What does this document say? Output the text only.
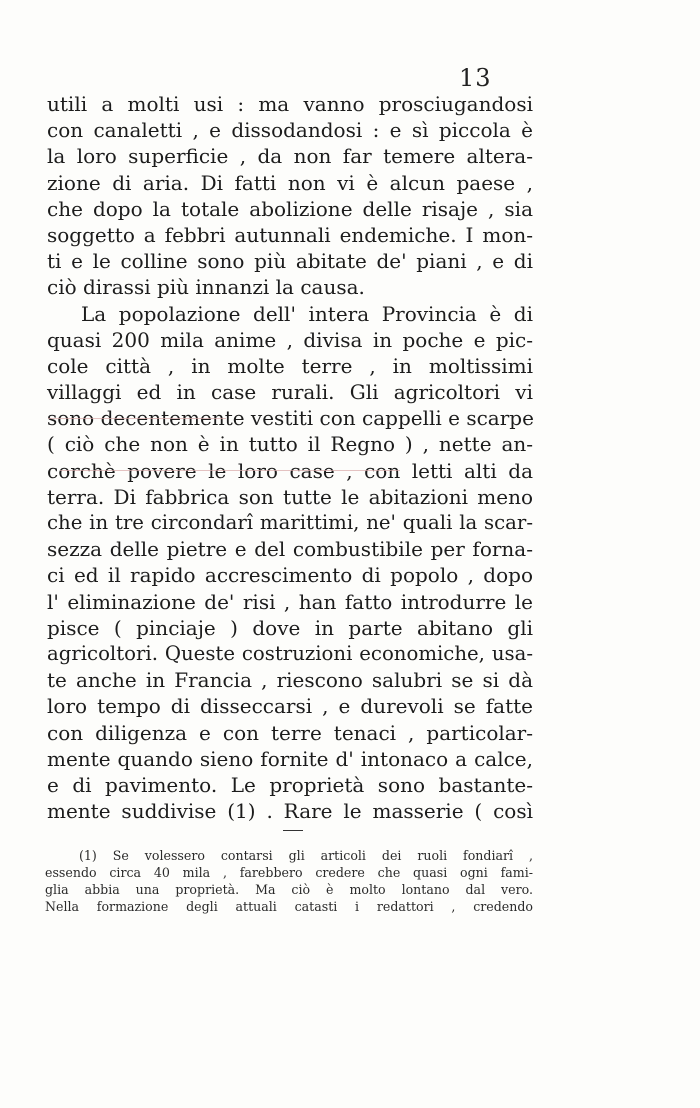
13
utili a molti usi : ma vanno prosciugandosi
con canaletti , e dissodandosi : e sì piccola è
la loro superficie , da non far temere altera-
zione di aria. Di fatti non vi è alcun paese ,
che dopo la totale abolizione delle risaje , sia
soggetto a febbri autunnali endemiche. I mon-
ti e le colline sono più abitate de' piani , e di
ciò dirassi più innanzi la causa.
La popolazione dell' intera Provincia è di
quasi 200 mila anime , divisa in poche e pic-
cole città , in molte terre , in moltissimi
villaggi ed in case rurali. Gli agricoltori vi
sono decentemente vestiti con cappelli e scarpe
( ciò che non è in tutto il Regno ) , nette an-
corchè povere le loro case , con letti alti da
terra. Di fabbrica son tutte le abitazioni meno
che in tre circondarî marittimi, ne' quali la scar-
sezza delle pietre e del combustibile per forna-
ci ed il rapido accrescimento di popolo , dopo
l' eliminazione de' risi , han fatto introdurre le
pisce ( pinciaje ) dove in parte abitano gli
agricoltori. Queste costruzioni economiche, usa-
te anche in Francia , riescono salubri se si dà
loro tempo di disseccarsi , e durevoli se fatte
con diligenza e con terre tenaci , particolar-
mente quando sieno fornite d' intonaco a calce,
e di pavimento. Le proprietà sono bastante-
mente suddivise (1) . Rare le masserie ( così
(1) Se volessero contarsi gli articoli dei ruoli fondiarî ,
essendo circa 40 mila , farebbero credere che quasi ogni fami-
glia abbia una proprietà. Ma ciò è molto lontano dal vero.
Nella formazione degli attuali catasti i redattori , credendo
